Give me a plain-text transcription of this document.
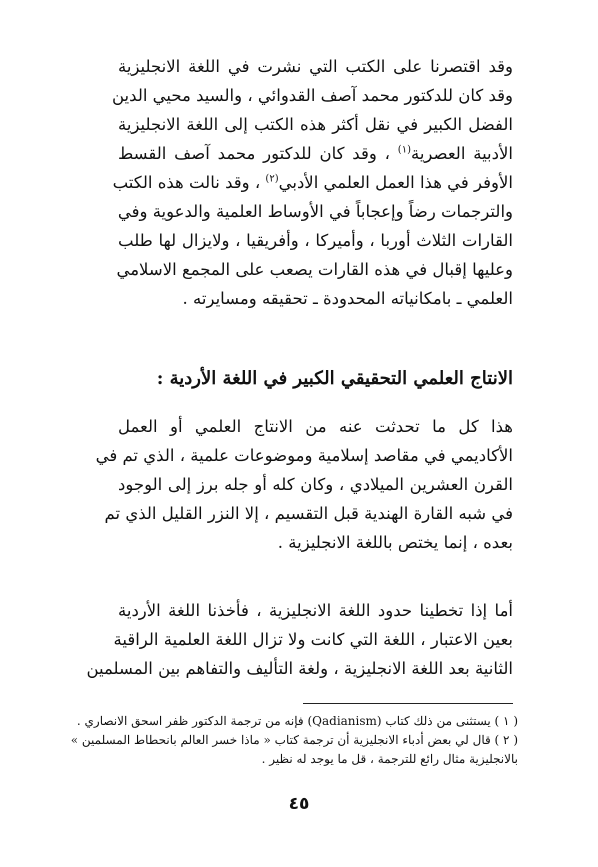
وقد اقتصرنا على الكتب التي نشرت في اللغة الانجليزية
وقد كان للدكتور محمد آصف القدوائي ، والسيد محيي الدين
الفضل الكبير في نقل أكثر هذه الكتب إلى اللغة الانجليزية
الأدبية العصرية$^{(١)}$ ، وقد كان للدكتور محمد آصف القسط
الأوفر في هذا العمل العلمي الأدبي$^{(٢)}$ ، وقد نالت هذه الكتب
والترجمات رضاً وإعجاباً في الأوساط العلمية والدعوية وفي
القارات الثلاث أوربا ، وأميركا ، وأفريقيا ، ولايزال لها طلب
وعليها إقبال في هذه القارات يصعب على المجمع الاسلامي
العلمي ـ بامكانياته المحدودة ـ تحقيقه ومسايرته .
الانتاج العلمي التحقيقي الكبير في اللغة الأردية :
هذا كل ما تحدثت عنه من الانتاج العلمي أو العمل
الأكاديمي في مقاصد إسلامية وموضوعات علمية ، الذي تم في
القرن العشرين الميلادي ، وكان كله أو جله برز إلى الوجود
في شبه القارة الهندية قبل التقسيم ، إلا النزر القليل الذي تم
بعده ، إنما يختص باللغة الانجليزية .
أما إذا تخطينا حدود اللغة الانجليزية ، فأخذنا اللغة الأردية
بعين الاعتبار ، اللغة التي كانت ولا تزال اللغة العلمية الراقية
الثانية بعد اللغة الانجليزية ، ولغة التأليف والتفاهم بين المسلمين
( ١ ) يستثنى من ذلك كتاب (Qadianism) فإنه من ترجمة الدكتور ظفر اسحق الانصاري .
( ٢ ) قال لي بعض أدباء الانجليزية أن ترجمة كتاب « ماذا خسر العالم بانحطاط المسلمين »
بالانجليزية مثال رائع للترجمة ، قل ما يوجد له نظير .
٤٥
